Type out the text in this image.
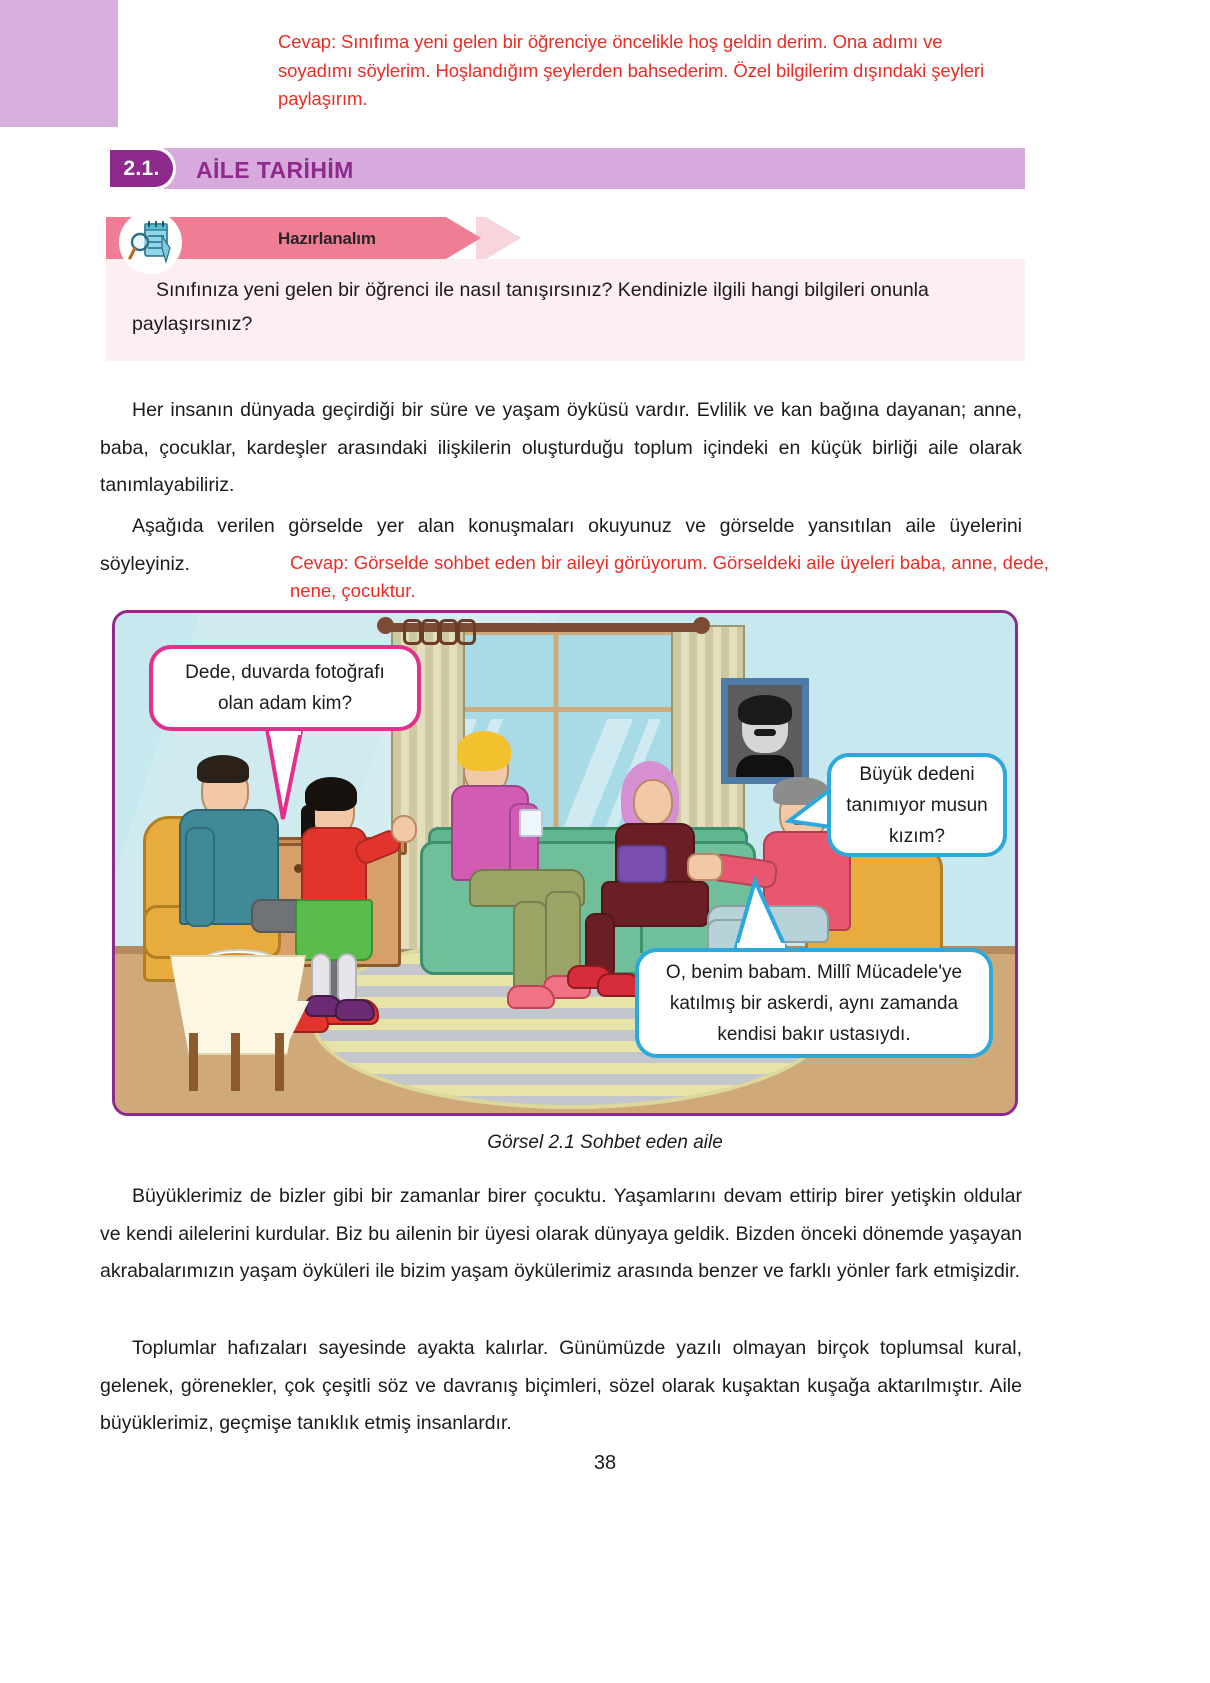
Cevap: Sınıfıma yeni gelen bir öğrenciye öncelikle hoş geldin derim. Ona adımı ve soyadımı söylerim. Hoşlandığım şeylerden bahsederim. Özel bilgilerim dışındaki şeyleri paylaşırım.
2.1.	AİLE TARİHİM
Hazırlanalım
Sınıfınıza yeni gelen bir öğrenci ile nasıl tanışırsınız? Kendinizle ilgili hangi bilgileri onunla paylaşırsınız?
Her insanın dünyada geçirdiği bir süre ve yaşam öyküsü vardır. Evlilik ve kan bağına dayanan; anne, baba, çocuklar, kardeşler arasındaki ilişkilerin oluşturduğu toplum içindeki en küçük birliği aile olarak tanımlayabiliriz.
Aşağıda verilen görselde yer alan konuşmaları okuyunuz ve görselde yansıtılan aile üyelerini söyleyiniz.	Cevap: Görselde sohbet eden bir aileyi görüyorum. Görseldeki aile üyeleri baba, anne, dede, nene, çocuktur.
Dede, duvarda fotoğrafı olan adam kim?
Büyük dedeni tanımıyor musun kızım?
O, benim babam. Millî Mücadele'ye katılmış bir askerdi, aynı zamanda kendisi bakır ustasıydı.
Görsel 2.1 Sohbet eden aile
Büyüklerimiz de bizler gibi bir zamanlar birer çocuktu. Yaşamlarını devam ettirip birer yetişkin oldular ve kendi ailelerini kurdular. Biz bu ailenin bir üyesi olarak dünyaya geldik. Bizden önceki dönemde yaşayan akrabalarımızın yaşam öyküleri ile bizim yaşam öykülerimiz arasında benzer ve farklı yönler fark etmişizdir.
Toplumlar hafızaları sayesinde ayakta kalırlar. Günümüzde yazılı olmayan birçok toplumsal kural, gelenek, görenekler, çok çeşitli söz ve davranış biçimleri, sözel olarak kuşaktan kuşağa aktarılmıştır. Aile büyüklerimiz, geçmişe tanıklık etmiş insanlardır.
38
